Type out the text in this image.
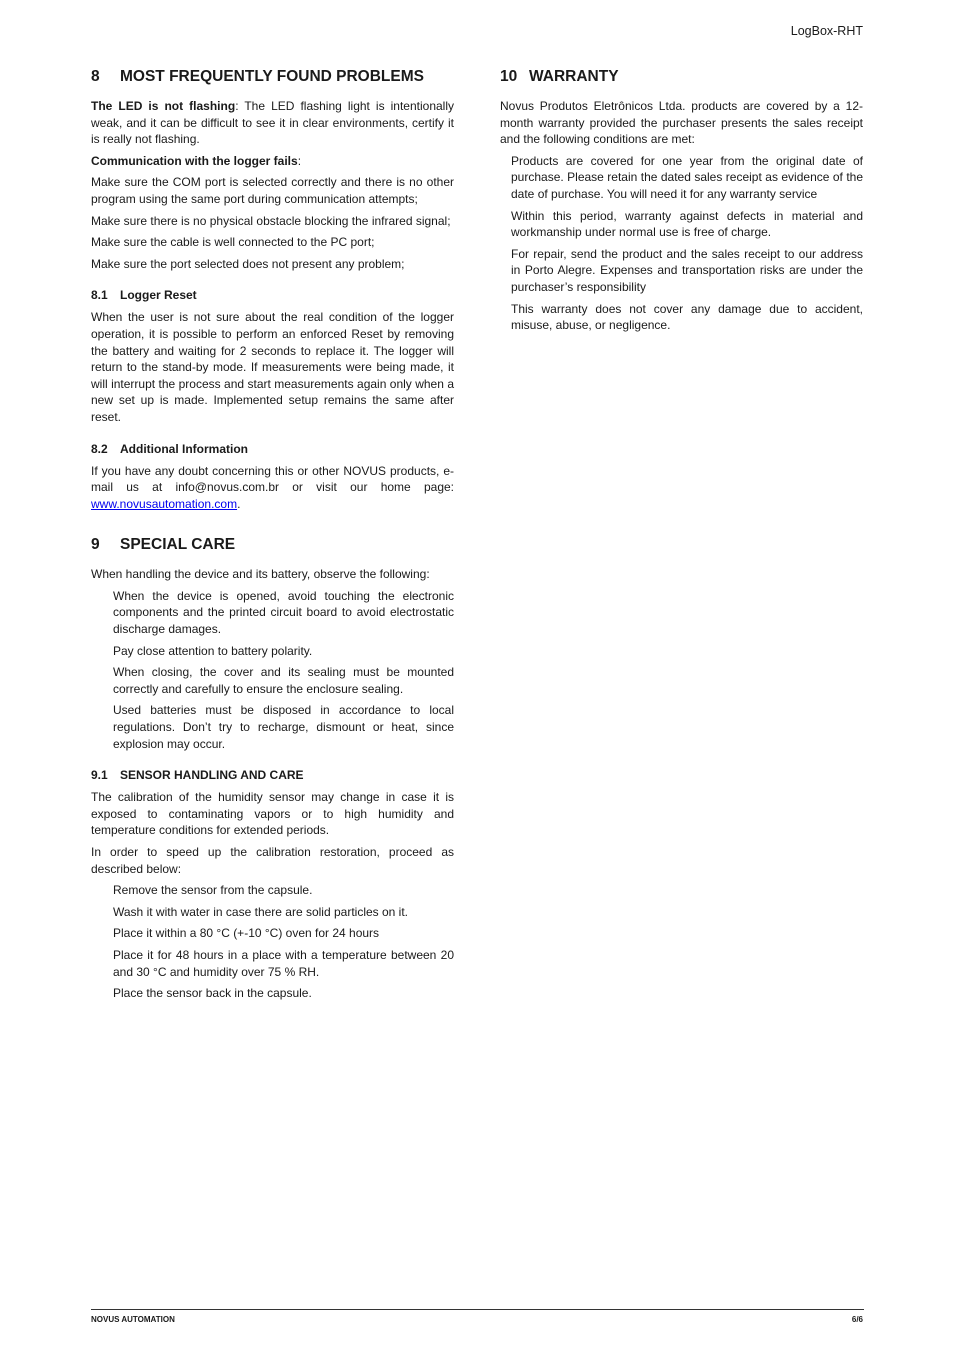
LogBox-RHT
8	MOST FREQUENTLY FOUND PROBLEMS

The LED is not flashing: The LED flashing light is intentionally weak, and it can be difficult to see it in clear environments, certify it is really not flashing.

Communication with the logger fails:

Make sure the COM port is selected correctly and there is no other program using the same port during communication attempts;

Make sure there is no physical obstacle blocking the infrared signal;

Make sure the cable is well connected to the PC port;

Make sure the port selected does not present any problem;

8.1	Logger Reset

When the user is not sure about the real condition of the logger operation, it is possible to perform an enforced Reset by removing the battery and waiting for 2 seconds to replace it. The logger will return to the stand-by mode. If measurements were being made, it will interrupt the process and start measurements again only when a new set up is made. Implemented setup remains the same after reset.

8.2	Additional Information

If you have any doubt concerning this or other NOVUS products, e-mail us at info@novus.com.br or visit our home page: www.novusautomation.com.

9	SPECIAL CARE

When handling the device and its battery, observe the following:

When the device is opened, avoid touching the electronic components and the printed circuit board to avoid electrostatic discharge damages.

Pay close attention to battery polarity.

When closing, the cover and its sealing must be mounted correctly and carefully to ensure the enclosure sealing.

Used batteries must be disposed in accordance to local regulations. Don’t try to recharge, dismount or heat, since explosion may occur.

9.1	SENSOR HANDLING AND CARE

The calibration of the humidity sensor may change in case it is exposed to contaminating vapors or to high humidity and temperature conditions for extended periods.

In order to speed up the calibration restoration, proceed as described below:

Remove the sensor from the capsule.

Wash it with water in case there are solid particles on it.

Place it within a 80 °C (+-10 °C) oven for 24 hours

Place it for 48 hours in a place with a temperature between 20 and 30 °C and humidity over 75 % RH.

Place the sensor back in the capsule.

10 WARRANTY

Novus Produtos Eletrônicos Ltda. products are covered by a 12-month warranty provided the purchaser presents the sales receipt and the following conditions are met:

Products are covered for one year from the original date of purchase. Please retain the dated sales receipt as evidence of the date of purchase. You will need it for any warranty service

Within this period, warranty against defects in material and workmanship under normal use is free of charge.

For repair, send the product and the sales receipt to our address in Porto Alegre. Expenses and transportation risks are under the purchaser’s responsibility

This warranty does not cover any damage due to accident, misuse, abuse, or negligence.

NOVUS AUTOMATION	6/6
